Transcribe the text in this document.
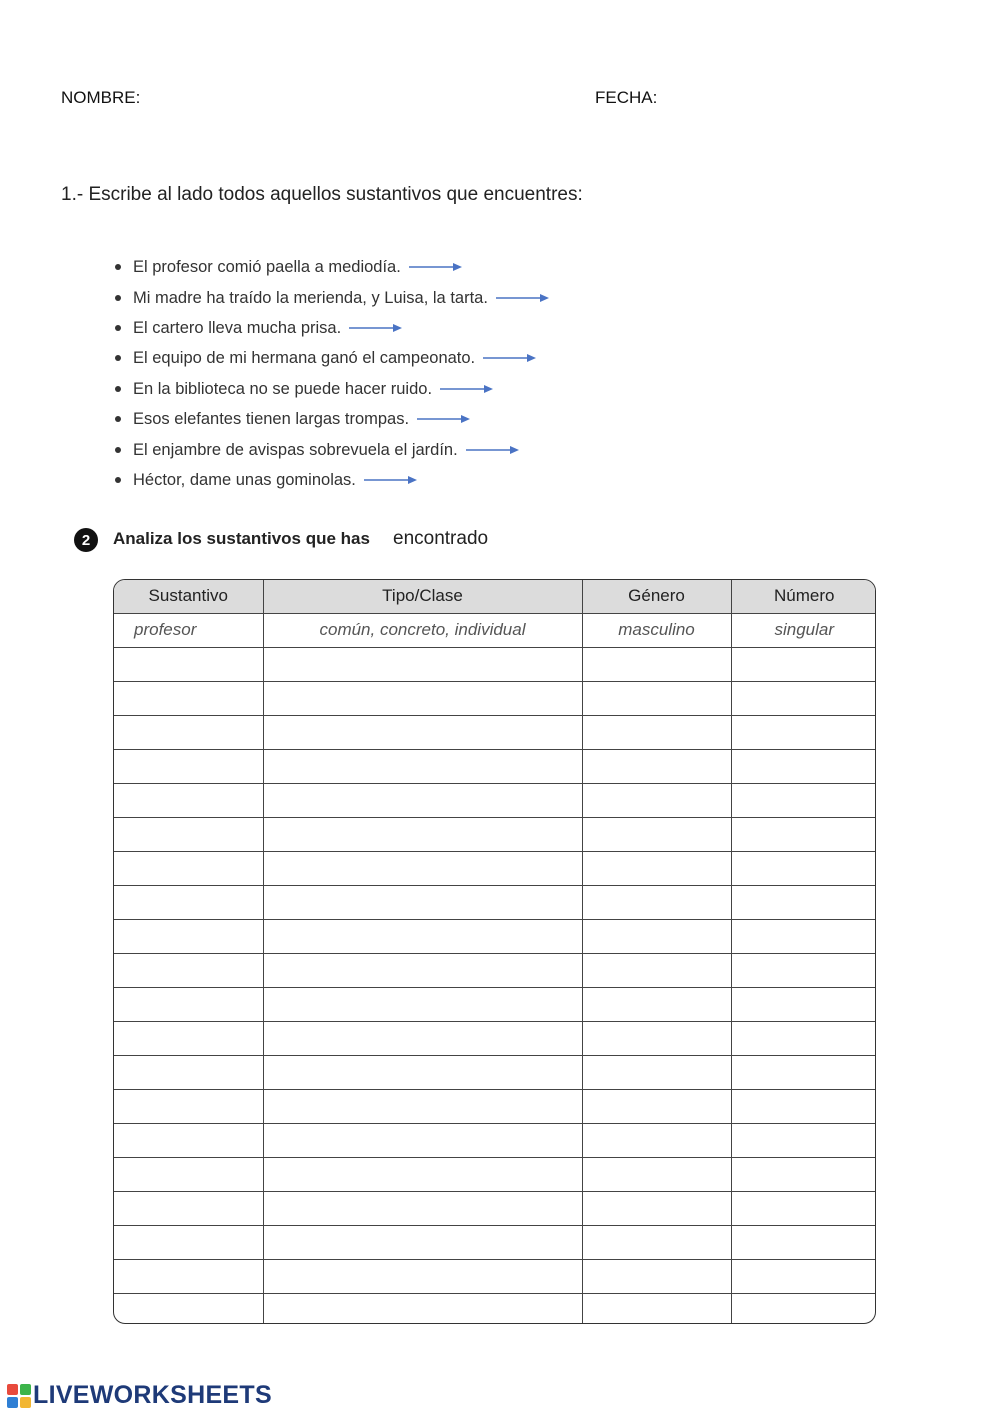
NOMBRE:	FECHA:
1.- Escribe al lado todos aquellos sustantivos que encuentres:
El profesor comió paella a mediodía.
Mi madre ha traído la merienda, y Luisa, la tarta.
El cartero lleva mucha prisa.
El equipo de mi hermana ganó el campeonato.
En la biblioteca no se puede hacer ruido.
Esos elefantes tienen largas trompas.
El enjambre de avispas sobrevuela el jardín.
Héctor, dame unas gominolas.
2	Analiza los sustantivos que has encontrado
Sustantivo	Tipo/Clase	Género	Número
profesor	común, concreto, individual	masculino	singular

LIVEWORKSHEETS
